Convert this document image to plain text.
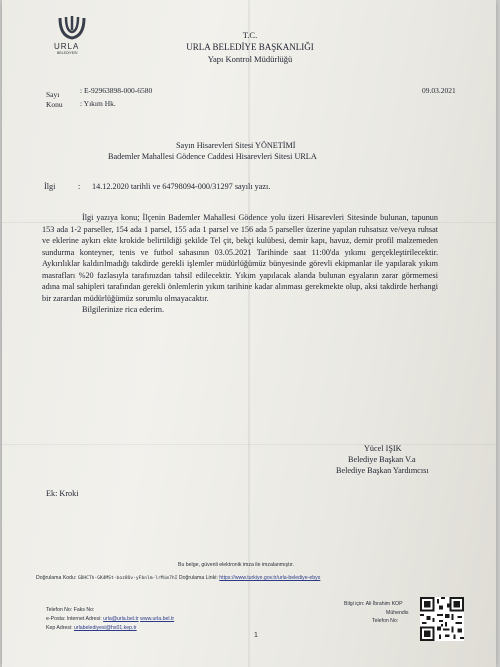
URLA
BELEDİYESİ
T.C.
URLA BELEDİYE BAŞKANLIĞI
Yapı Kontrol Müdürlüğü
Sayı	: E-92963898-000-6580
Konu : Yıkım Hk.
09.03.2021
Sayın Hisarevleri Sitesi YÖNETİMİ
Bademler Mahallesi Gödence Caddesi Hisarevleri Sitesi URLA
İlgi	: 14.12.2020 tarihli ve 64798094-000/31297 sayılı yazı.

İlgi yazıya konu; İlçenin Bademler Mahallesi Gödence yolu üzeri Hisarevleri Sitesinde bulunan, tapunun 153 ada 1-2 parseller, 154 ada 1 parsel, 155 ada 1 parsel ve 156 ada 5 parseller üzerine yapılan ruhsatsız ve/veya ruhsat ve eklerine aykırı ekte krokide belirtildiği şekilde Tel çit, bekçi kulübesi, demir kapı, havuz, demir profil malzemeden sundurma konteyner, tenis ve futbol sahasının 03.05.2021 Tarihinde saat 11:00'da yıkımı gerçekleştirilecektir. Aykırılıklar kaldırılmadığı takdirde gerekli işlemler müdürlüğümüz bünyesinde görevli ekipmanlar ile yapılarak yıkım masrafları %20 fazlasıyla tarafınızdan tahsil edilecektir. Yıkım yapılacak alanda bulunan eşyaların zarar görmemesi adına mal sahipleri tarafından gerekli önlemlerin yıkım tarihine kadar alınması gerekmekte olup, aksi takdirde herhangi bir zarardan müdürlüğümüz sorumlu olmayacaktır.

Bilgilerinize rica ederim.

Yücel IŞIK
Belediye Başkan V.a
Belediye Başkan Yardımcısı
Ek: Kroki
Bu belge, güvenli elektronik imza ile imzalanmıştır.
Doğrulama Kodu: GDHCTh-GK4MSt-boz8Ov-yFbnlm-lrMim7hI Doğrulama Linki: https://www.turkiye.gov.tr/urla-belediye-ebys
Telefon No: Faks No:
e-Posta: Internet Adresi: urla@urla.bel.tr www.urla.bel.tr
Kep Adresi: urlabelediyesi@hs01.kep.tr
Bilgi için: Ali İbrahim KOP
Mühendis
Telefon No:
1
